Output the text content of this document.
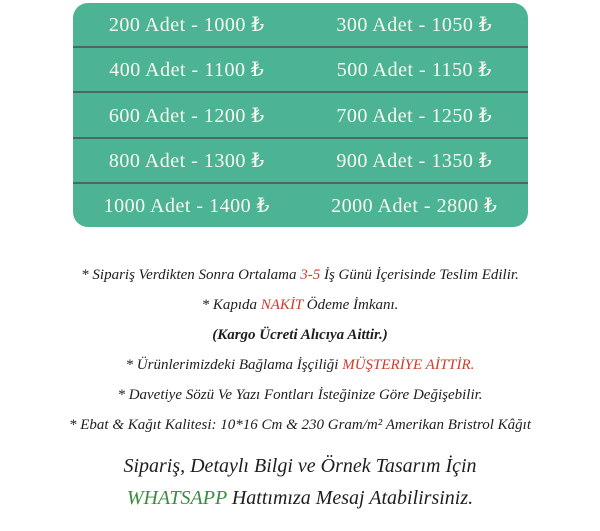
200 Adet - 1000 ₺	300 Adet - 1050 ₺
400 Adet - 1100 ₺	500 Adet - 1150 ₺
600 Adet - 1200 ₺	700 Adet - 1250 ₺
800 Adet - 1300 ₺	900 Adet - 1350 ₺
1000 Adet - 1400 ₺	2000 Adet - 2800 ₺
* Sipariş Verdikten Sonra Ortalama 3-5 İş Günü İçerisinde Teslim Edilir.
* Kapıda NAKİT Ödeme İmkanı.
(Kargo Ücreti Alıcıya Aittir.)
* Ürünlerimizdeki Bağlama İşçiliği MÜŞTERİYE AİTTİR.
* Davetiye Sözü Ve Yazı Fontları İsteğinize Göre Değişebilir.
* Ebat & Kağıt Kalitesi: 10*16 Cm & 230 Gram/m² Amerikan Bristrol Kâğıt
Sipariş, Detaylı Bilgi ve Örnek Tasarım İçin
WHATSAPP Hattımıza Mesaj Atabilirsiniz.
